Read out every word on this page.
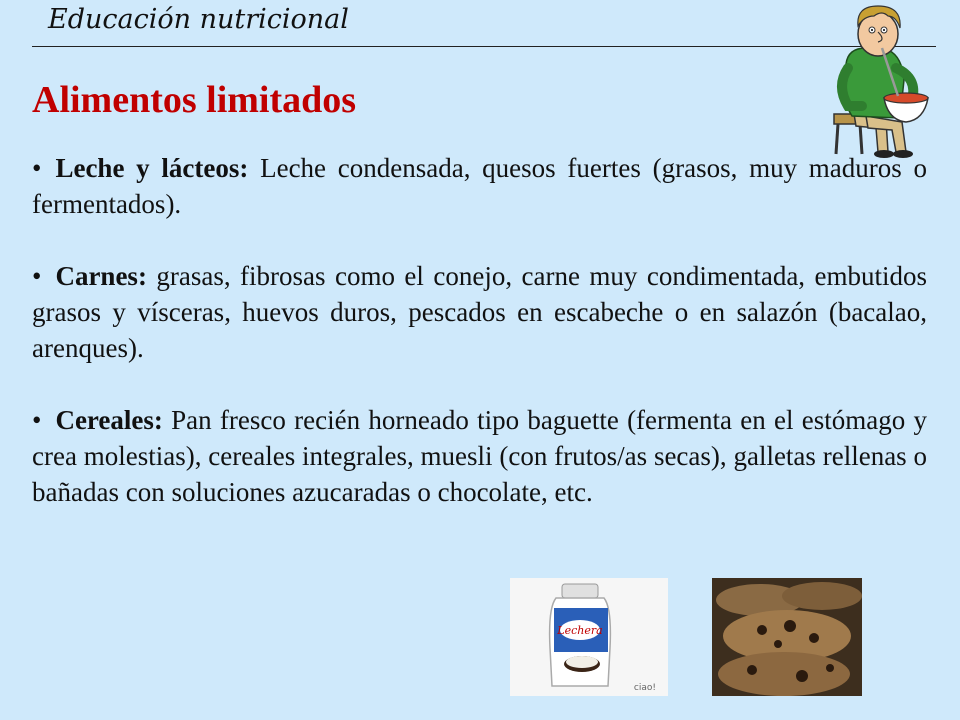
Educación nutricional
Alimentos limitados

• Leche y lácteos: Leche condensada, quesos fuertes (grasos, muy maduros o fermentados).

• Carnes: grasas, fibrosas como el conejo, carne muy condimentada, embutidos grasos y vísceras, huevos duros, pescados en escabeche o en salazón (bacalao, arenques).

• Cereales: Pan fresco recién horneado tipo baguette (fermenta en el estómago y crea molestias), cereales integrales, muesli (con frutos/as secas), galletas rellenas o bañadas con soluciones azucaradas o chocolate, etc.

Lechera
ciao!
